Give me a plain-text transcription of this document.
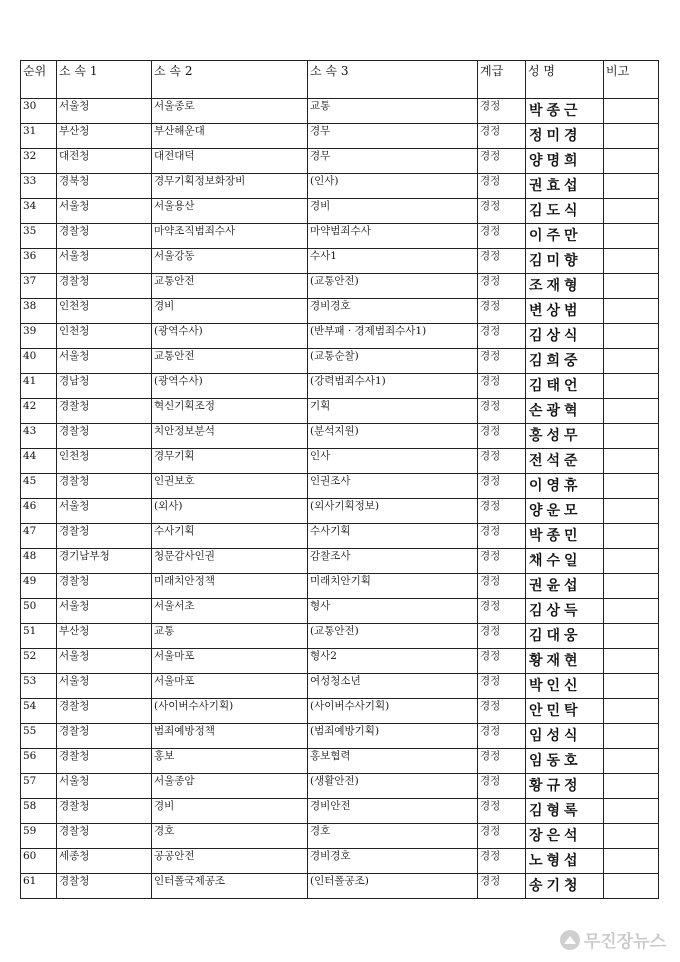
순위	소 속 1	소 속 2	소 속 3	계급	성 명	비고
30	서울청	서울종로	교통	경정	박종근	
31	부산청	부산해운대	경무	경정	정미경	
32	대전청	대전대덕	경무	경정	양명희	
33	경북청	경무기획정보화장비	(인사)	경정	권효섭	
34	서울청	서울용산	경비	경정	김도식	
35	경찰청	마약조직범죄수사	마약범죄수사	경정	이주만	
36	서울청	서울강동	수사1	경정	김미향	
37	경찰청	교통안전	(교통안전)	경정	조재형	
38	인천청	경비	경비경호	경정	변상범	
39	인천청	(광역수사)	(반부패 · 경제범죄수사1)	경정	김상식	
40	서울청	교통안전	(교통순찰)	경정	김희중	
41	경남청	(광역수사)	(강력범죄수사1)	경정	김태언	
42	경찰청	혁신기획조정	기획	경정	손광혁	
43	경찰청	치안정보분석	(분석지원)	경정	홍성무	
44	인천청	경무기획	인사	경정	전석준	
45	경찰청	인권보호	인권조사	경정	이영휴	
46	서울청	(외사)	(외사기획정보)	경정	양운모	
47	경찰청	수사기획	수사기획	경정	박종민	
48	경기남부청	청문감사인권	감찰조사	경정	채수일	
49	경찰청	미래치안정책	미래치안기획	경정	권윤섭	
50	서울청	서울서초	형사	경정	김상득	
51	부산청	교통	(교통안전)	경정	김대웅	
52	서울청	서울마포	형사2	경정	황재현	
53	서울청	서울마포	여성청소년	경정	박인신	
54	경찰청	(사이버수사기획)	(사이버수사기획)	경정	안민탁	
55	경찰청	범죄예방정책	(범죄예방기획)	경정	임성식	
56	경찰청	홍보	홍보협력	경정	임동호	
57	서울청	서울종암	(생활안전)	경정	황규정	
58	경찰청	경비	경비안전	경정	김형록	
59	경찰청	경호	경호	경정	장은석	
60	세종청	공공안전	경비경호	경정	노형섭	
61	경찰청	인터폴국제공조	(인터폴공조)	경정	송기청	
무진장뉴스
